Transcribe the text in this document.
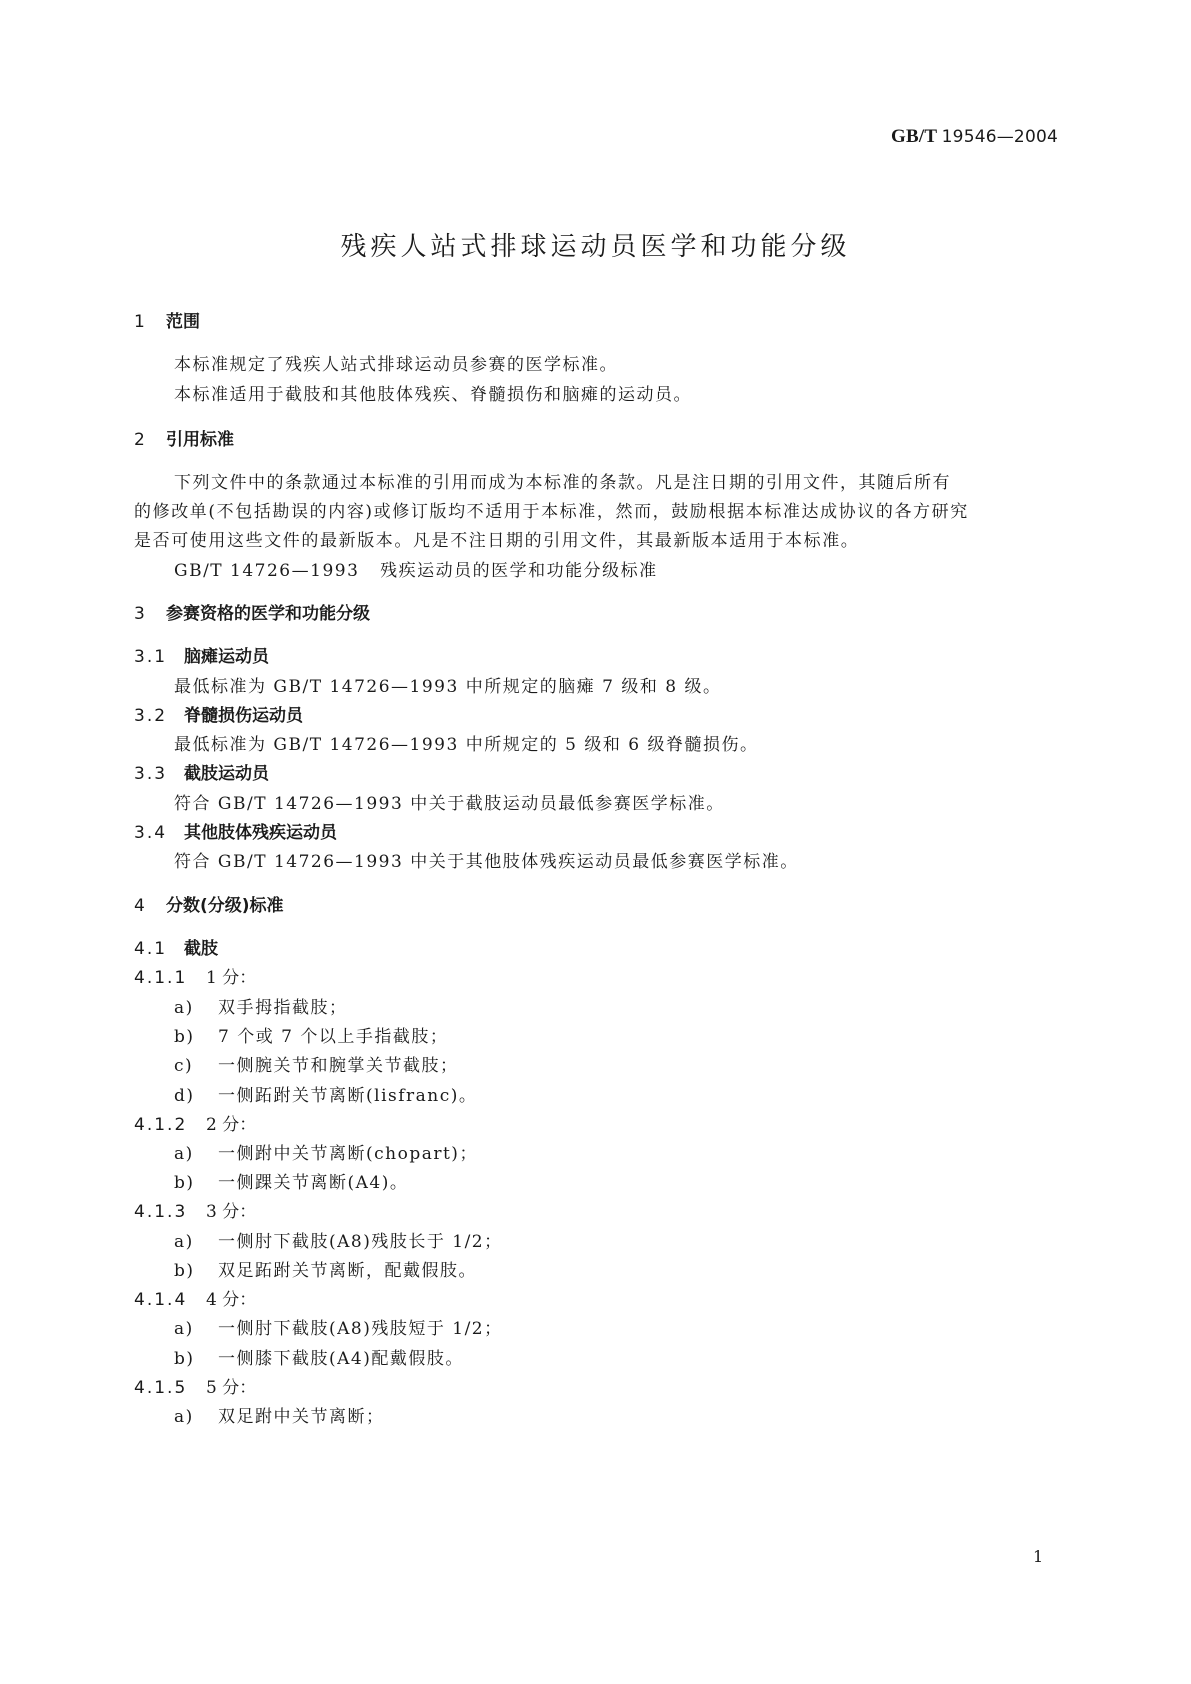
GB/T 19546—2004
残疾人站式排球运动员医学和功能分级
1 范围
本标准规定了残疾人站式排球运动员参赛的医学标准。
本标准适用于截肢和其他肢体残疾、脊髓损伤和脑瘫的运动员。
2 引用标准
下列文件中的条款通过本标准的引用而成为本标准的条款。凡是注日期的引用文件，其随后所有
的修改单(不包括勘误的内容)或修订版均不适用于本标准，然而，鼓励根据本标准达成协议的各方研究
是否可使用这些文件的最新版本。凡是不注日期的引用文件，其最新版本适用于本标准。
GB/T 14726—1993 残疾运动员的医学和功能分级标准
3 参赛资格的医学和功能分级
3.1 脑瘫运动员
最低标准为 GB/T 14726—1993 中所规定的脑瘫 7 级和 8 级。
3.2 脊髓损伤运动员
最低标准为 GB/T 14726—1993 中所规定的 5 级和 6 级脊髓损伤。
3.3 截肢运动员
符合 GB/T 14726—1993 中关于截肢运动员最低参赛医学标准。
3.4 其他肢体残疾运动员
符合 GB/T 14726—1993 中关于其他肢体残疾运动员最低参赛医学标准。
4 分数(分级)标准
4.1 截肢
4.1.1 1 分：
a) 双手拇指截肢；
b) 7 个或 7 个以上手指截肢；
c) 一侧腕关节和腕掌关节截肢；
d) 一侧跖跗关节离断(lisfranc)。
4.1.2 2 分：
a) 一侧跗中关节离断(chopart)；
b) 一侧踝关节离断(A4)。
4.1.3 3 分：
a) 一侧肘下截肢(A8)残肢长于 1/2；
b) 双足跖跗关节离断，配戴假肢。
4.1.4 4 分：
a) 一侧肘下截肢(A8)残肢短于 1/2；
b) 一侧膝下截肢(A4)配戴假肢。
4.1.5 5 分：
a) 双足跗中关节离断；
1
